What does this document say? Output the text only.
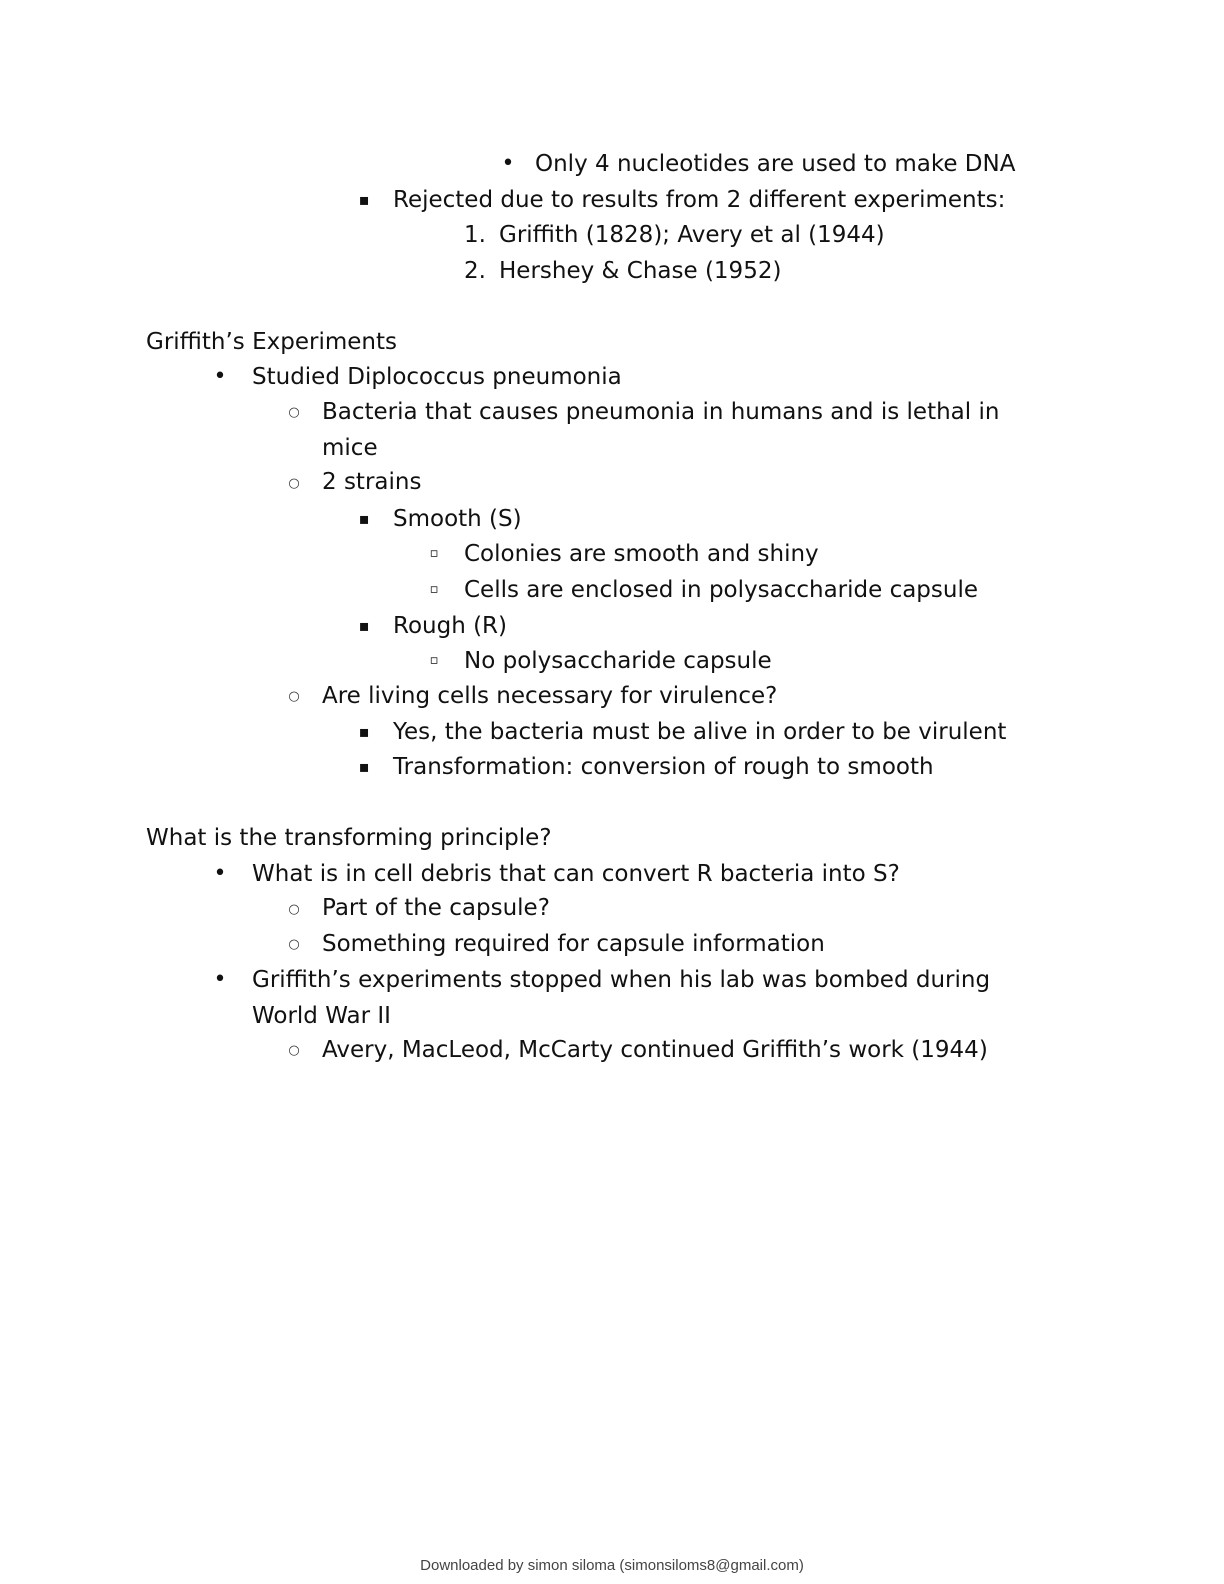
• Only 4 nucleotides are used to make DNA
▪ Rejected due to results from 2 different experiments:
1. Griffith (1828); Avery et al (1944)
2. Hershey & Chase (1952)
Griffith’s Experiments
• Studied Diplococcus pneumonia
○ Bacteria that causes pneumonia in humans and is lethal in
mice
○ 2 strains
▪ Smooth (S)
▫ Colonies are smooth and shiny
▫ Cells are enclosed in polysaccharide capsule
▪ Rough (R)
▫ No polysaccharide capsule
○ Are living cells necessary for virulence?
▪ Yes, the bacteria must be alive in order to be virulent
▪ Transformation: conversion of rough to smooth
What is the transforming principle?
• What is in cell debris that can convert R bacteria into S?
○ Part of the capsule?
○ Something required for capsule information
• Griffith’s experiments stopped when his lab was bombed during
World War II
○ Avery, MacLeod, McCarty continued Griffith’s work (1944)
Downloaded by simon siloma (simonsiloms8@gmail.com)
